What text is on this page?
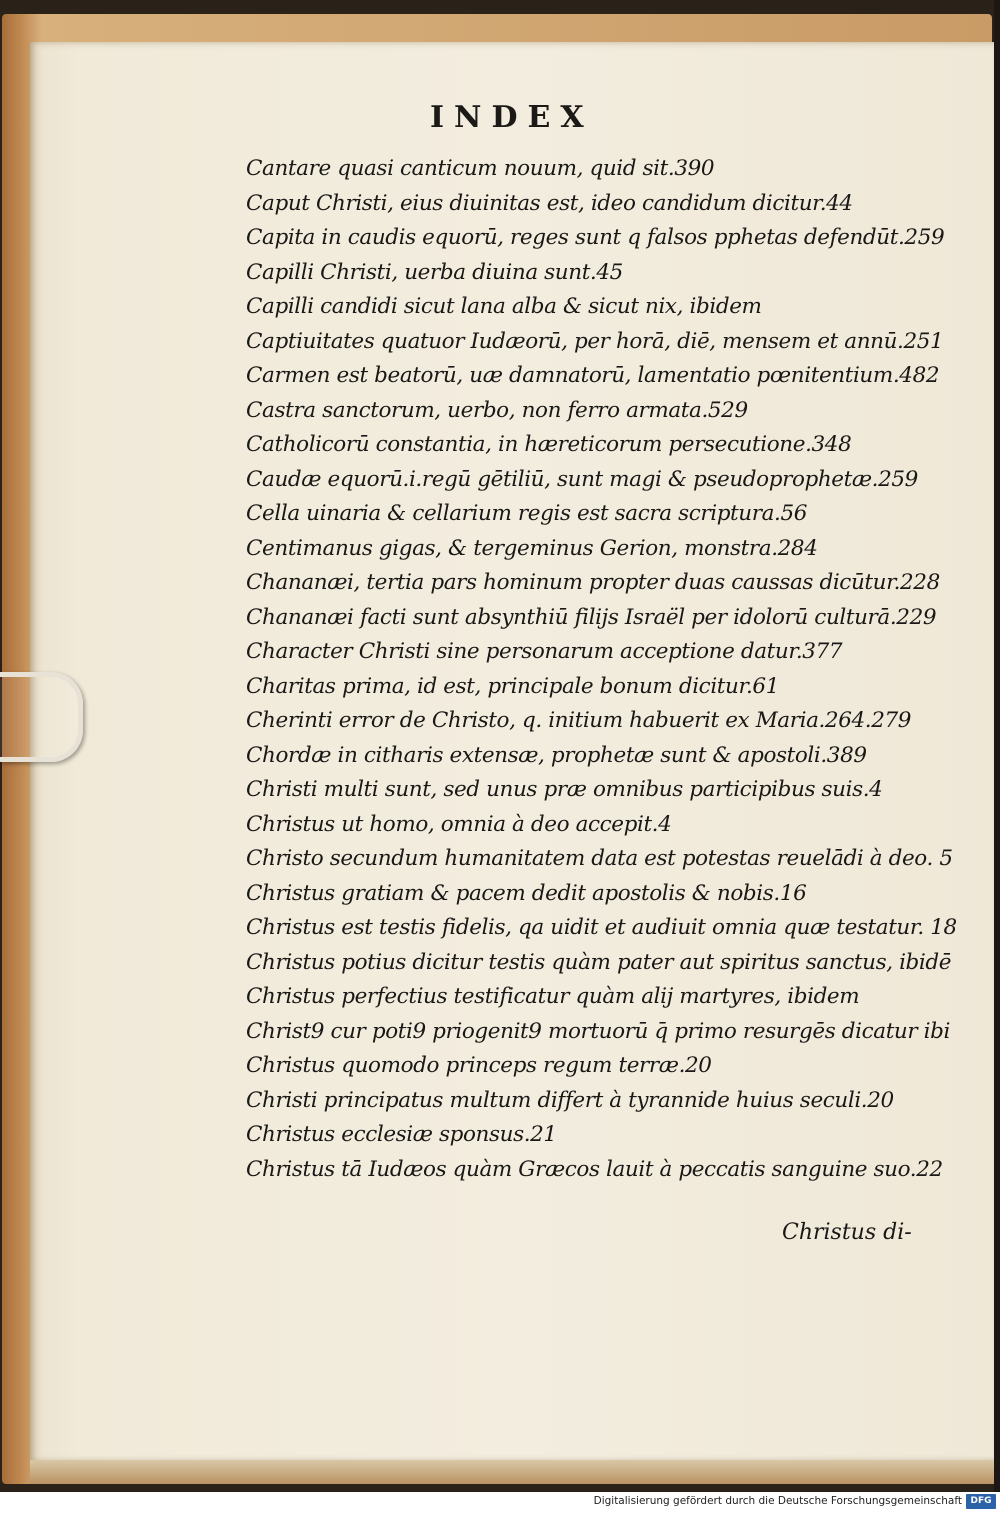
INDEX
Cantare quasi canticum nouum, quid sit.390
Caput Christi, eius diuinitas est, ideo candidum dicitur.44
Capita in caudis equorū, reges sunt q falsos pphetas defendūt.259
Capilli Christi, uerba diuina sunt.45
Capilli candidi sicut lana alba & sicut nix, ibidem
Captiuitates quatuor Iudæorū, per horā, diē, mensem et annū.251
Carmen est beatorū, uæ damnatorū, lamentatio pœnitentium.482
Castra sanctorum, uerbo, non ferro armata.529
Catholicorū constantia, in hæreticorum persecutione.348
Caudæ equorū.i.regū gētiliū, sunt magi & pseudoprophetæ.259
Cella uinaria & cellarium regis est sacra scriptura.56
Centimanus gigas, & tergeminus Gerion, monstra.284
Chananæi, tertia pars hominum propter duas caussas dicūtur.228
Chananæi facti sunt absynthiū filijs Israël per idolorū culturā.229
Character Christi sine personarum acceptione datur.377
Charitas prima, id est, principale bonum dicitur.61
Cherinti error de Christo, q. initium habuerit ex Maria.264.279
Chordæ in citharis extensæ, prophetæ sunt & apostoli.389
Christi multi sunt, sed unus præ omnibus participibus suis.4
Christus ut homo, omnia à deo accepit.4
Christo secundum humanitatem data est potestas reuelādi à deo. 5
Christus gratiam & pacem dedit apostolis & nobis.16
Christus est testis fidelis, qa uidit et audiuit omnia quæ testatur. 18
Christus potius dicitur testis quàm pater aut spiritus sanctus, ibidē
Christus perfectius testificatur quàm alij martyres, ibidem
Christ9 cur poti9 priogenit9 mortuorū q̄ primo resurgēs dicatur ibi
Christus quomodo princeps regum terræ.20
Christi principatus multum differt à tyrannide huius seculi.20
Christus ecclesiæ sponsus.21
Christus tā Iudæos quàm Græcos lauit à peccatis sanguine suo.22
Christus di-
Digitalisierung gefördert durch die Deutsche Forschungsgemeinschaft DFG
